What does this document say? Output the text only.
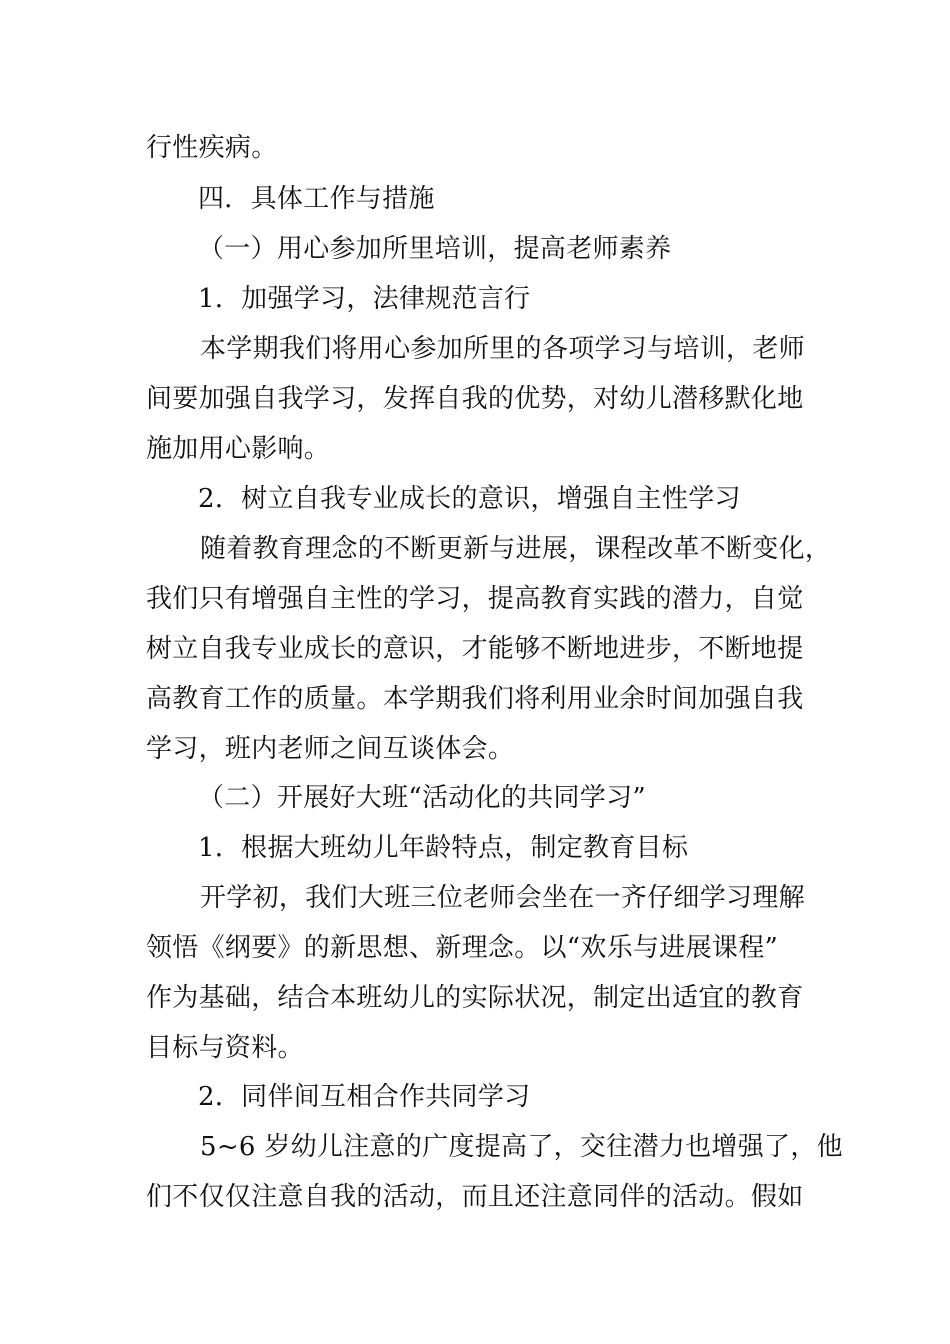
行性疾病。
四．具体工作与措施
（一）用心参加所里培训，提高老师素养
1．加强学习，法律规范言行
本学期我们将用心参加所里的各项学习与培训，老师
间要加强自我学习，发挥自我的优势，对幼儿潜移默化地
施加用心影响。
2．树立自我专业成长的意识，增强自主性学习
随着教育理念的不断更新与进展，课程改革不断变化，
我们只有增强自主性的学习，提高教育实践的潜力，自觉
树立自我专业成长的意识，才能够不断地进步，不断地提
高教育工作的质量。本学期我们将利用业余时间加强自我
学习，班内老师之间互谈体会。
（二）开展好大班“活动化的共同学习”
1．根据大班幼儿年龄特点，制定教育目标
开学初，我们大班三位老师会坐在一齐仔细学习理解
领悟《纲要》的新思想、新理念。以“欢乐与进展课程”
作为基础，结合本班幼儿的实际状况，制定出适宜的教育
目标与资料。
2．同伴间互相合作共同学习
5~6 岁幼儿注意的广度提高了，交往潜力也增强了，他
们不仅仅注意自我的活动，而且还注意同伴的活动。假如
